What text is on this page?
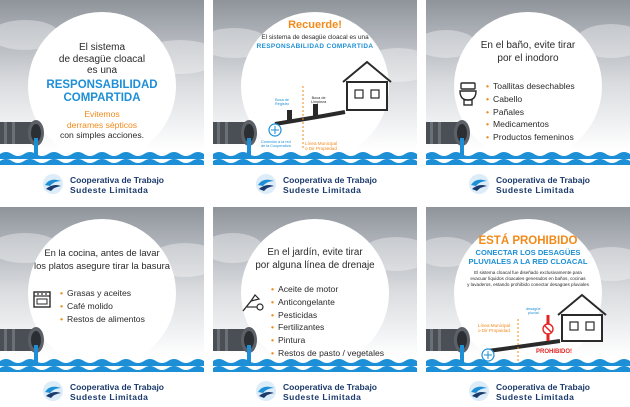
El sistema
de desagüe cloacal
es una
RESPONSABILIDAD
COMPARTIDA
Evitemos
derrames sépticos
con simples acciones.
Cooperativa de Trabajo
Sudeste Limitada
Recuerde!
El sistema de desagüe cloacal es una
RESPONSABILIDAD COMPARTIDA
Boca de
Registro
Boca de
Limpieza
Conexión a la red
de la Cooperativa
Línea Municipal
o Dir Propiedad
Cooperativa de Trabajo
Sudeste Limitada
En el baño, evite tirar
por el inodoro
• Toallitas desechables
• Cabello
• Pañales
• Medicamentos
• Productos femeninos
Cooperativa de Trabajo
Sudeste Limitada
En la cocina, antes de lavar
los platos asegure tirar la basura
• Grasas y aceites
• Café molido
• Restos de alimentos
Cooperativa de Trabajo
Sudeste Limitada
En el jardín, evite tirar
por alguna línea de drenaje
• Aceite de motor
• Anticongelante
• Pesticidas
• Fertilizantes
• Pintura
• Restos de pasto / vegetales
Cooperativa de Trabajo
Sudeste Limitada
ESTÁ PROHIBIDO
CONECTAR LOS DESAGÜES
PLUVIALES A LA RED CLOACAL
El sistema cloacal fue diseñado exclusivamente para
evacuar líquidos cloacales generados en baños, cocinas
y lavaderos, estando prohibido conectar desagües pluviales
Línea Municipal
o Dir Propiedad
desagüe
pluvial
PROHIBIDO!
Cooperativa de Trabajo
Sudeste Limitada
